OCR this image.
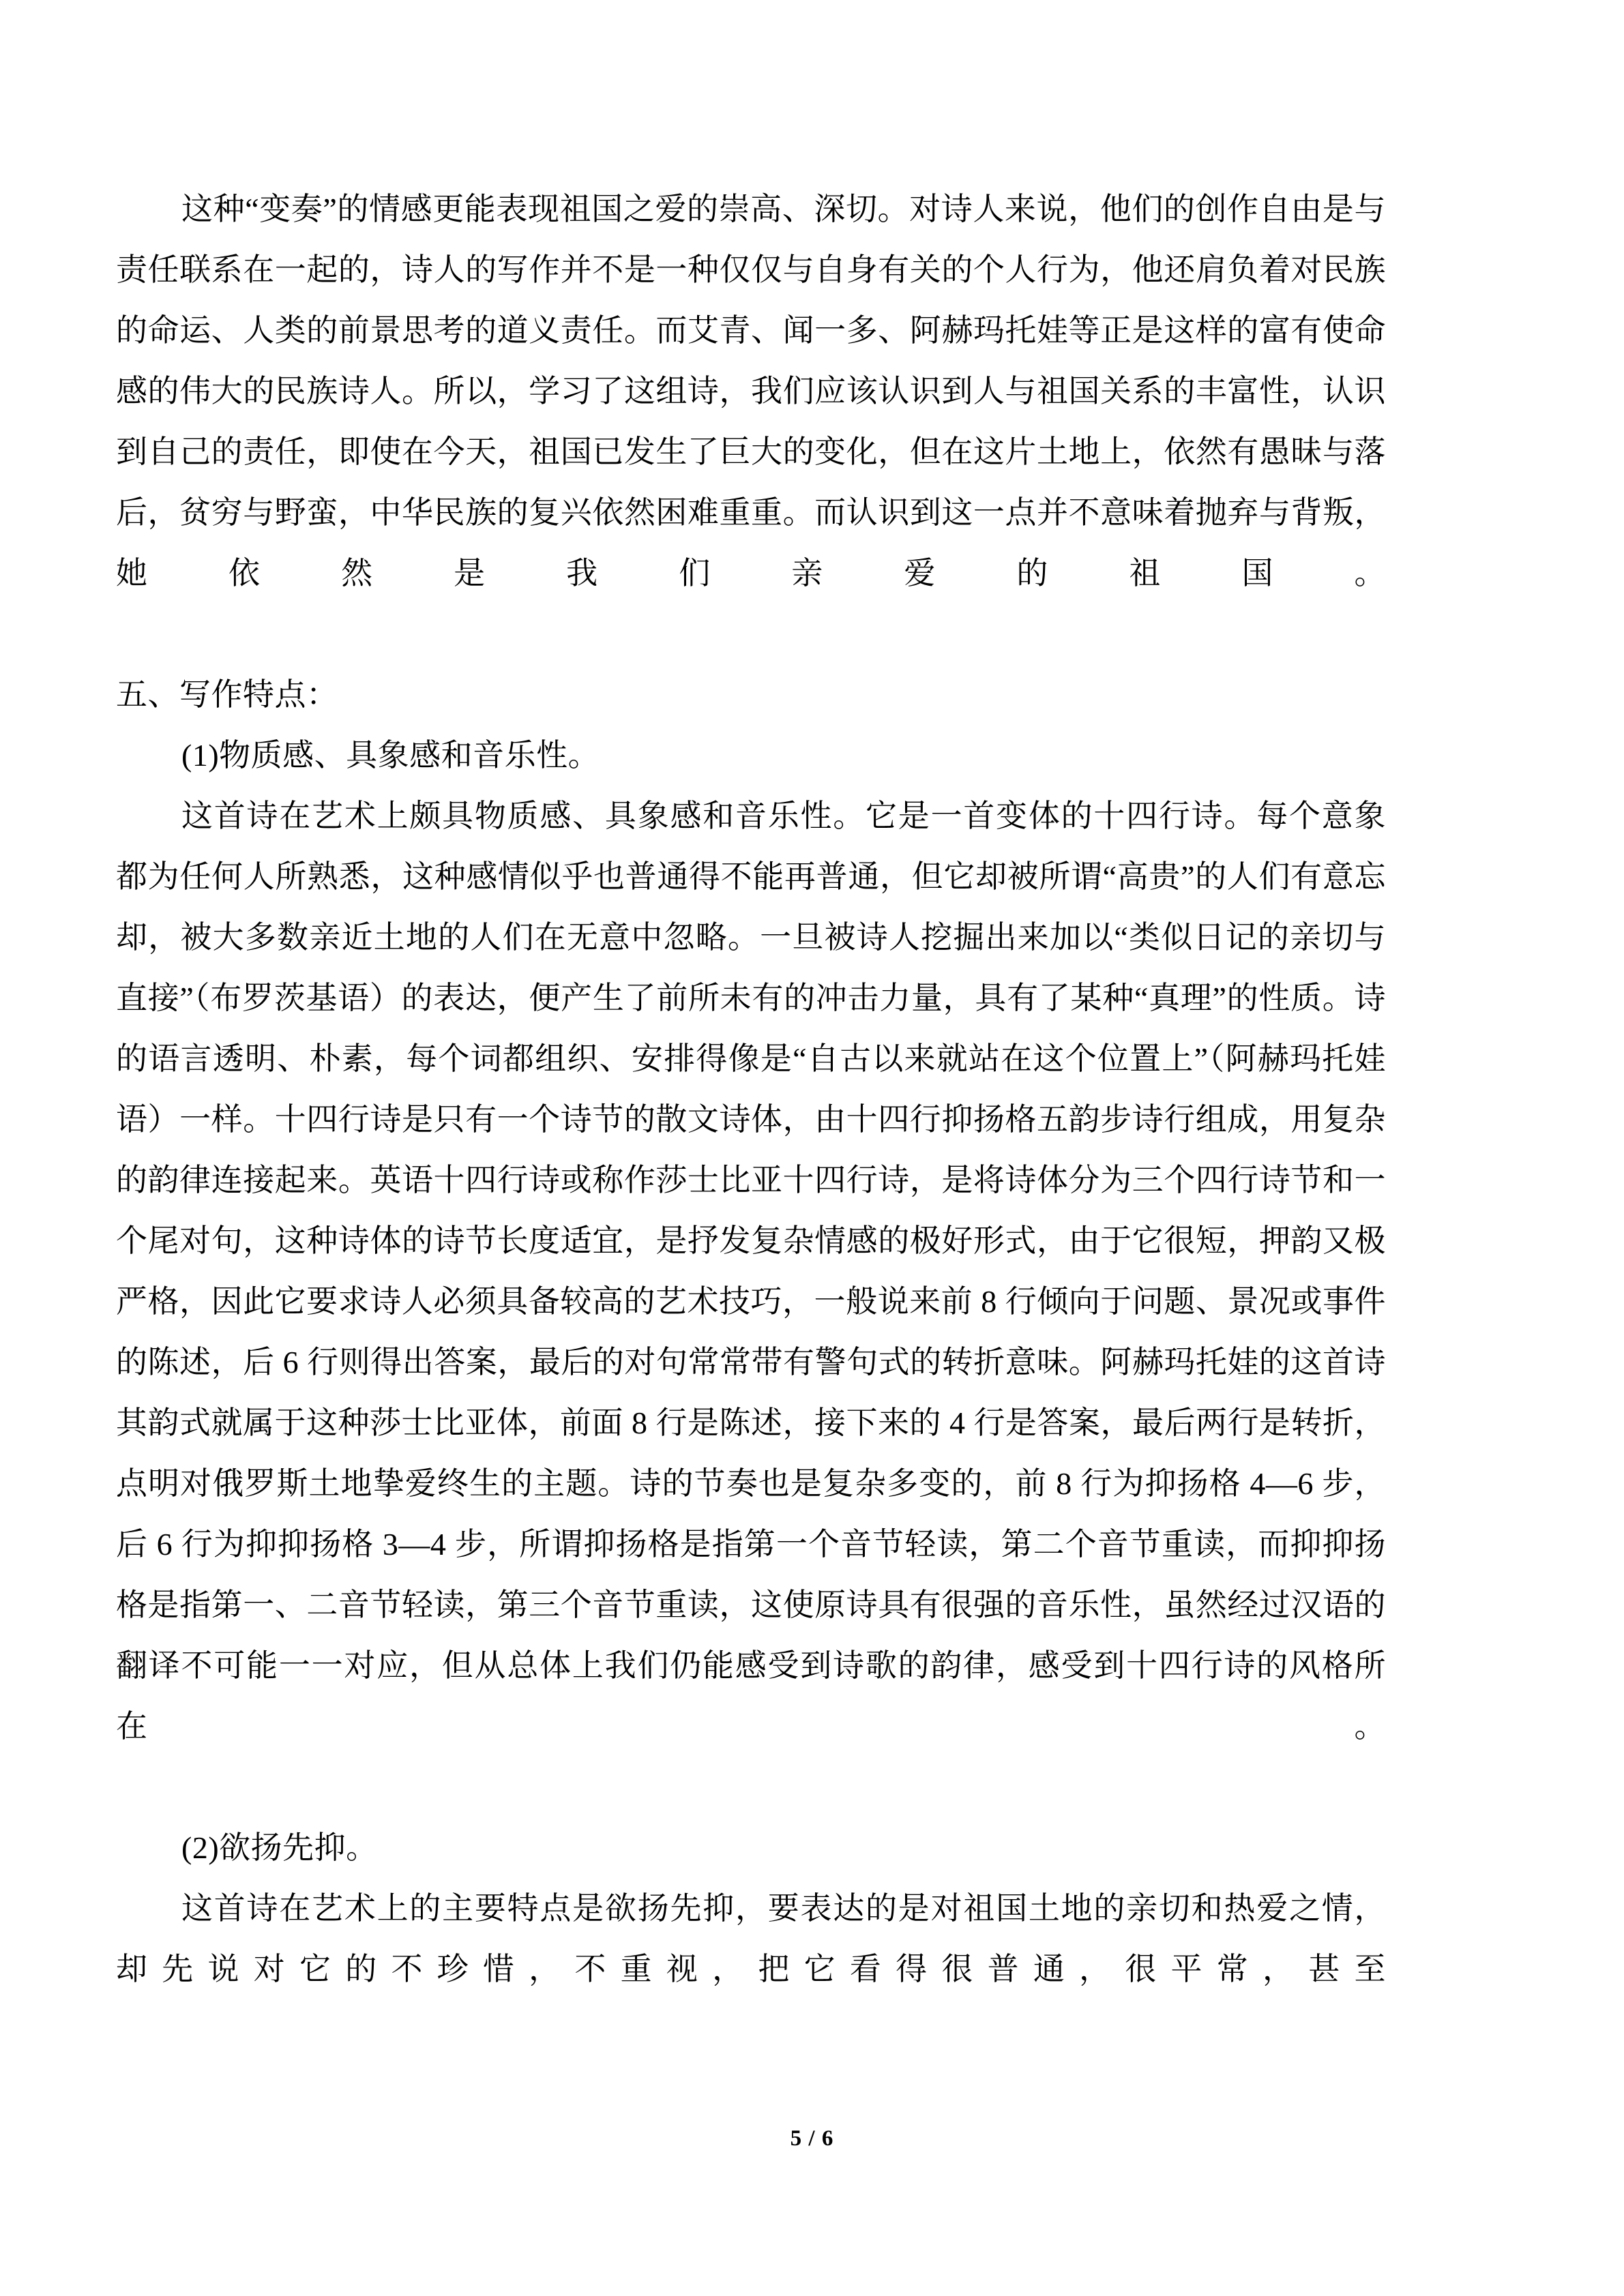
这种“变奏”的情感更能表现祖国之爱的崇高、深切。对诗人来说，他们的创作自由是与责任联系在一起的，诗人的写作并不是一种仅仅与自身有关的个人行为，他还肩负着对民族的命运、人类的前景思考的道义责任。而艾青、闻一多、阿赫玛托娃等正是这样的富有使命感的伟大的民族诗人。所以，学习了这组诗，我们应该认识到人与祖国关系的丰富性，认识到自己的责任，即使在今天，祖国已发生了巨大的变化，但在这片土地上，依然有愚昧与落后，贫穷与野蛮，中华民族的复兴依然困难重重。而认识到这一点并不意味着抛弃与背叛，她依然是我们亲爱的祖国。

五、写作特点：

(1)物质感、具象感和音乐性。

这首诗在艺术上颇具物质感、具象感和音乐性。它是一首变体的十四行诗。每个意象都为任何人所熟悉，这种感情似乎也普通得不能再普通，但它却被所谓“高贵”的人们有意忘却，被大多数亲近土地的人们在无意中忽略。一旦被诗人挖掘出来加以“类似日记的亲切与直接”（布罗茨基语）的表达，便产生了前所未有的冲击力量，具有了某种“真理”的性质。诗的语言透明、朴素，每个词都组织、安排得像是“自古以来就站在这个位置上”（阿赫玛托娃语）一样。十四行诗是只有一个诗节的散文诗体，由十四行抑扬格五韵步诗行组成，用复杂的韵律连接起来。英语十四行诗或称作莎士比亚十四行诗，是将诗体分为三个四行诗节和一个尾对句，这种诗体的诗节长度适宜，是抒发复杂情感的极好形式，由于它很短，押韵又极严格，因此它要求诗人必须具备较高的艺术技巧，一般说来前 8 行倾向于问题、景况或事件的陈述，后 6 行则得出答案，最后的对句常常带有警句式的转折意味。阿赫玛托娃的这首诗其韵式就属于这种莎士比亚体，前面 8 行是陈述，接下来的 4 行是答案，最后两行是转折，点明对俄罗斯土地挚爱终生的主题。诗的节奏也是复杂多变的，前 8 行为抑扬格 4—6 步，后 6 行为抑抑扬格 3—4 步，所谓抑扬格是指第一个音节轻读，第二个音节重读，而抑抑扬格是指第一、二音节轻读，第三个音节重读，这使原诗具有很强的音乐性，虽然经过汉语的翻译不可能一一对应，但从总体上我们仍能感受到诗歌的韵律，感受到十四行诗的风格所在。

(2)欲扬先抑。

这首诗在艺术上的主要特点是欲扬先抑，要表达的是对祖国土地的亲切和热爱之情，却先说对它的不珍惜，不重视，把它看得很普通，很平常，甚至

5 / 6
